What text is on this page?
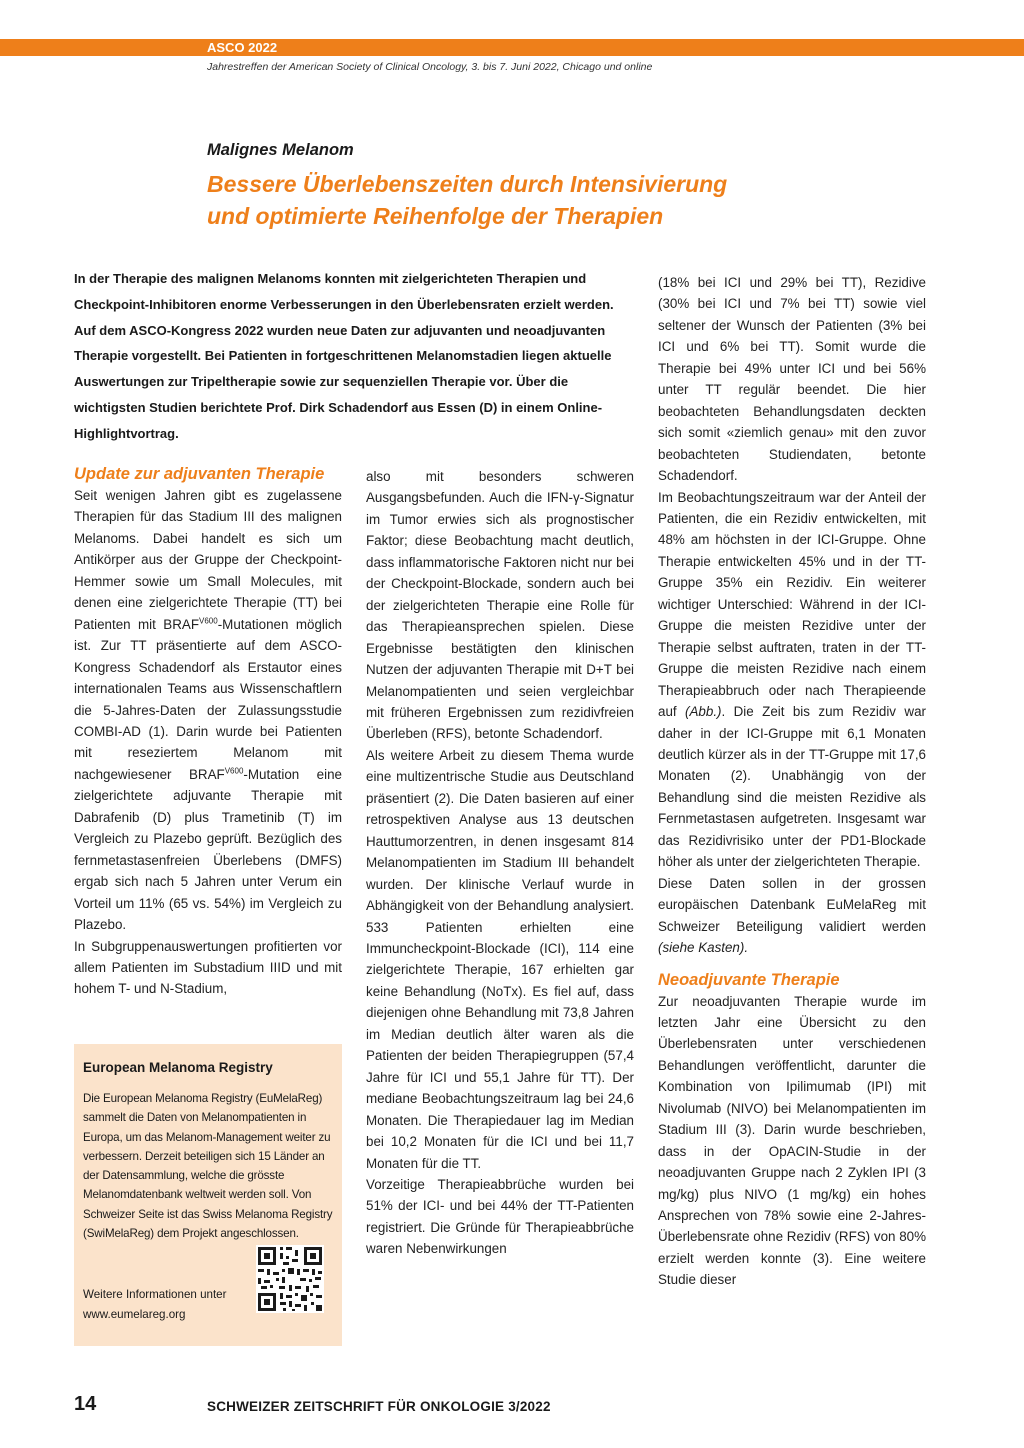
ASCO 2022
Jahrestreffen der American Society of Clinical Oncology, 3. bis 7. Juni 2022, Chicago und online
Malignes Melanom
Bessere Überlebenszeiten durch Intensivierung
und optimierte Reihenfolge der Therapien
In der Therapie des malignen Melanoms konnten mit zielgerichteten Therapien und Checkpoint-Inhibitoren enorme Verbesserungen in den Überlebensraten erzielt werden. Auf dem ASCO-Kongress 2022 wurden neue Daten zur adjuvanten und neoadjuvanten Therapie vorgestellt. Bei Patienten in fortgeschrittenen Melanomstadien liegen aktuelle Auswertungen zur Tripeltherapie sowie zur sequenziellen Therapie vor. Über die wichtigsten Studien berichtete Prof. Dirk Schadendorf aus Essen (D) in einem Online-Highlightvortrag.
Update zur adjuvanten Therapie

Seit wenigen Jahren gibt es zugelassene Therapien für das Stadium III des malignen Melanoms. Dabei handelt es sich um Antikörper aus der Gruppe der Checkpoint-Hemmer sowie um Small Molecules, mit denen eine zielgerichtete Therapie (TT) bei Patienten mit $BRAF^{V600}$-Mutationen möglich ist. Zur TT präsentierte auf dem ASCO-Kongress Schadendorf als Erstautor eines internationalen Teams aus Wissenschaftlern die 5-Jahres-Daten der Zulassungsstudie COMBI-AD (1). Darin wurde bei Patienten mit reseziertem Melanom mit nachgewiesener $BRAF^{V600}$-Mutation eine zielgerichtete adjuvante Therapie mit Dabrafenib (D) plus Trametinib (T) im Vergleich zu Plazebo geprüft. Bezüglich des fernmetastasenfreien Überlebens (DMFS) ergab sich nach 5 Jahren unter Verum ein Vorteil um 11% (65 vs. 54%) im Vergleich zu Plazebo.

In Subgruppenauswertungen profitierten vor allem Patienten im Substadium IIID und mit hohem T- und N-Stadium,

European Melanoma Registry
Die European Melanoma Registry (EuMelaReg) sammelt die Daten von Melanompatienten in Europa, um das Melanom-Management weiter zu verbessern. Derzeit beteiligen sich 15 Länder an der Datensammlung, welche die grösste Melanomdatenbank weltweit werden soll. Von Schweizer Seite ist das Swiss Melanoma Registry (SwiMelaReg) dem Projekt angeschlossen.
Weitere Informationen unter
www.eumelareg.org

also mit besonders schweren Ausgangsbefunden. Auch die IFN-γ-Signatur im Tumor erwies sich als prognostischer Faktor; diese Beobachtung macht deutlich, dass inflammatorische Faktoren nicht nur bei der Checkpoint-Blockade, sondern auch bei der zielgerichteten Therapie eine Rolle für das Therapieansprechen spielen. Diese Ergebnisse bestätigten den klinischen Nutzen der adjuvanten Therapie mit D+T bei Melanompatienten und seien vergleichbar mit früheren Ergebnissen zum rezidivfreien Überleben (RFS), betonte Schadendorf.

Als weitere Arbeit zu diesem Thema wurde eine multizentrische Studie aus Deutschland präsentiert (2). Die Daten basieren auf einer retrospektiven Analyse aus 13 deutschen Hauttumorzentren, in denen insgesamt 814 Melanompatienten im Stadium III behandelt wurden. Der klinische Verlauf wurde in Abhängigkeit von der Behandlung analysiert. 533 Patienten erhielten eine Immuncheckpoint-Blockade (ICI), 114 eine zielgerichtete Therapie, 167 erhielten gar keine Behandlung (NoTx). Es fiel auf, dass diejenigen ohne Behandlung mit 73,8 Jahren im Median deutlich älter waren als die Patienten der beiden Therapiegruppen (57,4 Jahre für ICI und 55,1 Jahre für TT). Der mediane Beobachtungszeitraum lag bei 24,6 Monaten. Die Therapiedauer lag im Median bei 10,2 Monaten für die ICI und bei 11,7 Monaten für die TT.

Vorzeitige Therapieabbrüche wurden bei 51% der ICI- und bei 44% der TT-Patienten registriert. Die Gründe für Therapieabbrüche waren Nebenwirkungen

(18% bei ICI und 29% bei TT), Rezidive (30% bei ICI und 7% bei TT) sowie viel seltener der Wunsch der Patienten (3% bei ICI und 6% bei TT). Somit wurde die Therapie bei 49% unter ICI und bei 56% unter TT regulär beendet. Die hier beobachteten Behandlungsdaten deckten sich somit «ziemlich genau» mit den zuvor beobachteten Studiendaten, betonte Schadendorf.

Im Beobachtungszeitraum war der Anteil der Patienten, die ein Rezidiv entwickelten, mit 48% am höchsten in der ICI-Gruppe. Ohne Therapie entwickelten 45% und in der TT-Gruppe 35% ein Rezidiv. Ein weiterer wichtiger Unterschied: Während in der ICI-Gruppe die meisten Rezidive unter der Therapie selbst auftraten, traten in der TT-Gruppe die meisten Rezidive nach einem Therapieabbruch oder nach Therapieende auf (Abb.). Die Zeit bis zum Rezidiv war daher in der ICI-Gruppe mit 6,1 Monaten deutlich kürzer als in der TT-Gruppe mit 17,6 Monaten (2). Unabhängig von der Behandlung sind die meisten Rezidive als Fernmetastasen aufgetreten. Insgesamt war das Rezidivrisiko unter der PD1-Blockade höher als unter der zielgerichteten Therapie.

Diese Daten sollen in der grossen europäischen Datenbank EuMelaReg mit Schweizer Beteiligung validiert werden (siehe Kasten).

Neoadjuvante Therapie

Zur neoadjuvanten Therapie wurde im letzten Jahr eine Übersicht zu den Überlebensraten unter verschiedenen Behandlungen veröffentlicht, darunter die Kombination von Ipilimumab (IPI) mit Nivolumab (NIVO) bei Melanompatienten im Stadium III (3). Darin wurde beschrieben, dass in der OpACIN-Studie in der neoadjuvanten Gruppe nach 2 Zyklen IPI (3 mg/kg) plus NIVO (1 mg/kg) ein hohes Ansprechen von 78% sowie eine 2-Jahres-Überlebensrate ohne Rezidiv (RFS) von 80% erzielt werden konnte (3). Eine weitere Studie dieser

14	SCHWEIZER ZEITSCHRIFT FÜR ONKOLOGIE 3/2022
